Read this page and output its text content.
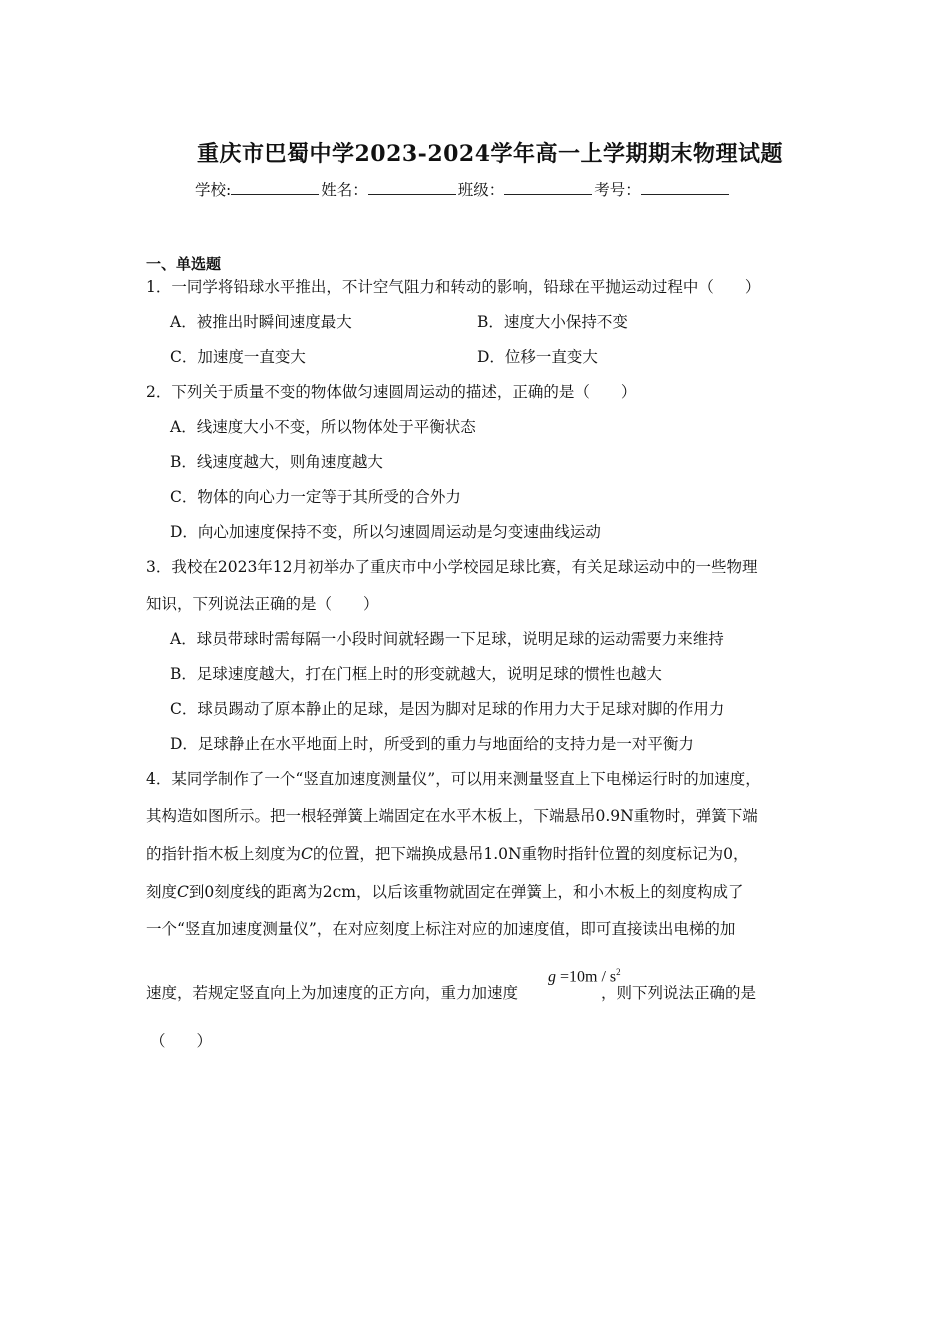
重庆市巴蜀中学2023-2024学年高一上学期期末物理试题
学校:	姓名：	班级：	考号：
一、单选题
1．一同学将铅球水平推出，不计空气阻力和转动的影响，铅球在平抛运动过程中（　　）
A．被推出时瞬间速度最大	B．速度大小保持不变
C．加速度一直变大	D．位移一直变大
2．下列关于质量不变的物体做匀速圆周运动的描述，正确的是（　　）
A．线速度大小不变，所以物体处于平衡状态
B．线速度越大，则角速度越大
C．物体的向心力一定等于其所受的合外力
D．向心加速度保持不变，所以匀速圆周运动是匀变速曲线运动
3．我校在2023年12月初举办了重庆市中小学校园足球比赛，有关足球运动中的一些物理
知识，下列说法正确的是（　　）
A．球员带球时需每隔一小段时间就轻踢一下足球，说明足球的运动需要力来维持
B．足球速度越大，打在门框上时的形变就越大，说明足球的惯性也越大
C．球员踢动了原本静止的足球，是因为脚对足球的作用力大于足球对脚的作用力
D．足球静止在水平地面上时，所受到的重力与地面给的支持力是一对平衡力
4．某同学制作了一个“竖直加速度测量仪”，可以用来测量竖直上下电梯运行时的加速度，
其构造如图所示。把一根轻弹簧上端固定在水平木板上，下端悬吊0.9N重物时，弹簧下端
的指针指木板上刻度为C的位置，把下端换成悬吊1.0N重物时指针位置的刻度标记为0，
刻度C到0刻度线的距离为2cm，以后该重物就固定在弹簧上，和小木板上的刻度构成了
一个“竖直加速度测量仪”，在对应刻度上标注对应的加速度值，即可直接读出电梯的加
速度，若规定竖直向上为加速度的正方向，重力加速度	，则下列说法正确的是
$g =10m / s^2$
（　　）
